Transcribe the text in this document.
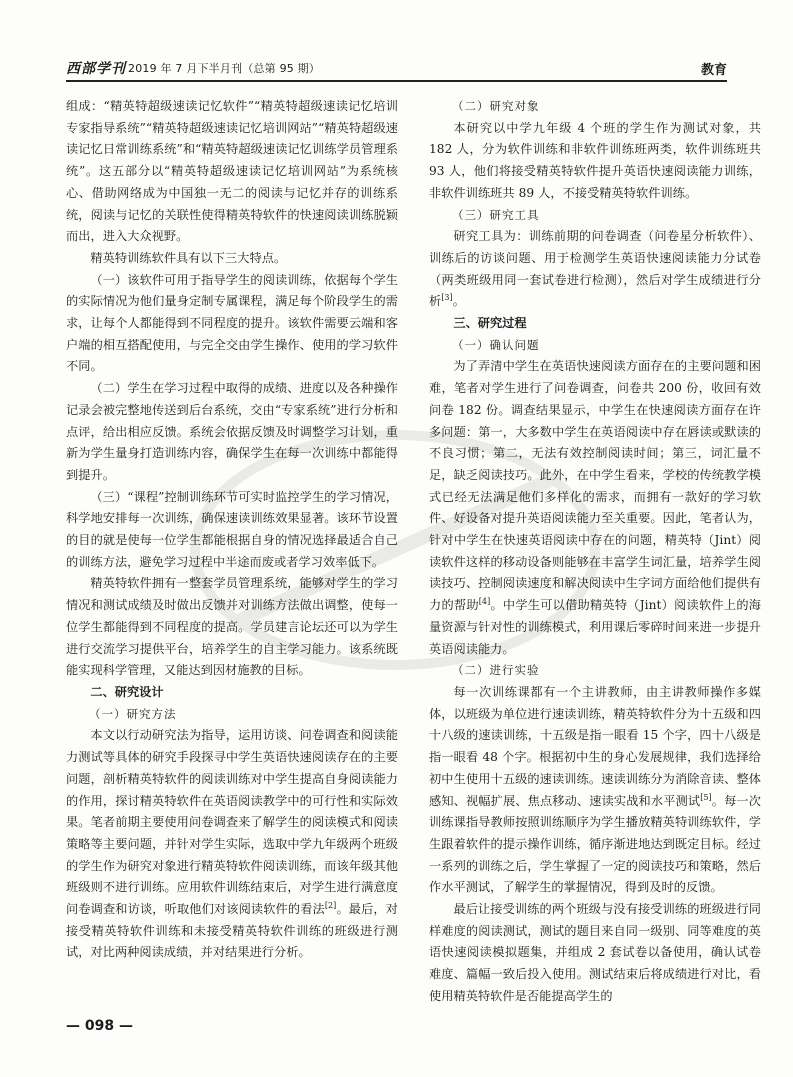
西部学刊 2019 年 7 月下半月刊（总第 95 期）	教育

组成：“精英特超级速读记忆软件”“精英特超级速读记忆培训专家指导系统”“精英特超级速读记忆培训网站”“精英特超级速读记忆日常训练系统”和“精英特超级速读记忆训练学员管理系统”。这五部分以“精英特超级速读记忆培训网站”为系统核心、借助网络成为中国独一无二的阅读与记忆并存的训练系统，阅读与记忆的关联性使得精英特软件的快速阅读训练脱颖而出，进入大众视野。

精英特训练软件具有以下三大特点。

（一）该软件可用于指导学生的阅读训练，依据每个学生的实际情况为他们量身定制专属课程，满足每个阶段学生的需求，让每个人都能得到不同程度的提升。该软件需要云端和客户端的相互搭配使用，与完全交由学生操作、使用的学习软件不同。

（二）学生在学习过程中取得的成绩、进度以及各种操作记录会被完整地传送到后台系统，交由“专家系统”进行分析和点评，给出相应反馈。系统会依据反馈及时调整学习计划，重新为学生量身打造训练内容，确保学生在每一次训练中都能得到提升。

（三）“课程”控制训练环节可实时监控学生的学习情况，科学地安排每一次训练，确保速读训练效果显著。该环节设置的目的就是使每一位学生都能根据自身的情况选择最适合自己的训练方法，避免学习过程中半途而废或者学习效率低下。

精英特软件拥有一整套学员管理系统，能够对学生的学习情况和测试成绩及时做出反馈并对训练方法做出调整，使每一位学生都能得到不同程度的提高。学员建言论坛还可以为学生进行交流学习提供平台，培养学生的自主学习能力。该系统既能实现科学管理，又能达到因材施教的目标。

二、研究设计
（一）研究方法

本文以行动研究法为指导，运用访谈、问卷调查和阅读能力测试等具体的研究手段探寻中学生英语快速阅读存在的主要问题，剖析精英特软件的阅读训练对中学生提高自身阅读能力的作用，探讨精英特软件在英语阅读教学中的可行性和实际效果。笔者前期主要使用问卷调查来了解学生的阅读模式和阅读策略等主要问题，并针对学生实际，选取中学九年级两个班级的学生作为研究对象进行精英特软件阅读训练，而该年级其他班级则不进行训练。应用软件训练结束后，对学生进行满意度问卷调查和访谈，听取他们对该阅读软件的看法[2]。最后，对接受精英特软件训练和未接受精英特软件训练的班级进行测试，对比两种阅读成绩，并对结果进行分析。

（二）研究对象

本研究以中学九年级 4 个班的学生作为测试对象，共 182 人，分为软件训练和非软件训练班两类，软件训练班共 93 人，他们将接受精英特软件提升英语快速阅读能力训练，非软件训练班共 89 人，不接受精英特软件训练。

（三）研究工具

研究工具为：训练前期的问卷调查（问卷星分析软件）、训练后的访谈问题、用于检测学生英语快速阅读能力分试卷（两类班级用同一套试卷进行检测），然后对学生成绩进行分析[3]。

三、研究过程
（一）确认问题

为了弄清中学生在英语快速阅读方面存在的主要问题和困难，笔者对学生进行了问卷调查，问卷共 200 份，收回有效问卷 182 份。调查结果显示，中学生在快速阅读方面存在许多问题：第一，大多数中学生在英语阅读中存在唇读或默读的不良习惯；第二，无法有效控制阅读时间；第三，词汇量不足，缺乏阅读技巧。此外，在中学生看来，学校的传统教学模式已经无法满足他们多样化的需求，而拥有一款好的学习软件、好设备对提升英语阅读能力至关重要。因此，笔者认为，针对中学生在快速英语阅读中存在的问题，精英特（Jint）阅读软件这样的移动设备则能够在丰富学生词汇量，培养学生阅读技巧、控制阅读速度和解决阅读中生字词方面给他们提供有力的帮助[4]。中学生可以借助精英特（Jint）阅读软件上的海量资源与针对性的训练模式，利用课后零碎时间来进一步提升英语阅读能力。

（二）进行实验

每一次训练课都有一个主讲教师，由主讲教师操作多媒体，以班级为单位进行速读训练，精英特软件分为十五级和四十八级的速读训练，十五级是指一眼看 15 个字，四十八级是指一眼看 48 个字。根据初中生的身心发展规律，我们选择给初中生使用十五级的速读训练。速读训练分为消除音读、整体感知、视幅扩展、焦点移动、速读实战和水平测试[5]。每一次训练课指导教师按照训练顺序为学生播放精英特训练软件，学生跟着软件的提示操作训练，循序渐进地达到既定目标。经过一系列的训练之后，学生掌握了一定的阅读技巧和策略，然后作水平测试，了解学生的掌握情况，得到及时的反馈。

最后让接受训练的两个班级与没有接受训练的班级进行同样难度的阅读测试，测试的题目来自同一级别、同等难度的英语快速阅读模拟题集，并组成 2 套试卷以备使用，确认试卷难度、篇幅一致后投入使用。测试结束后将成绩进行对比，看使用精英特软件是否能提高学生的

— 098 —
